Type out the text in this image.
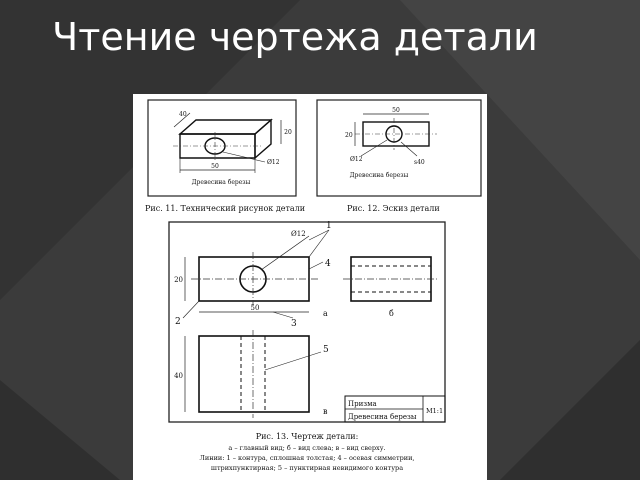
Чтение чертежа детали
50
20
40
Ø12
Древесина березы
Рис. 11. Технический рисунок детали
50
20
Ø12	s40
Древесина березы
Рис. 12. Эскиз детали
20
50
Ø12
1
4
2	3
а	б
40
5
в
Призма
Древесина березы
М1:1
Рис. 13. Чертеж детали:
а – главный вид; б – вид слева; в – вид сверху.
Линии: 1 – контура, сплошная толстая; 4 – осевая симметрии,
штрихпунктирная; 5 – пунктирная невидимого контура
